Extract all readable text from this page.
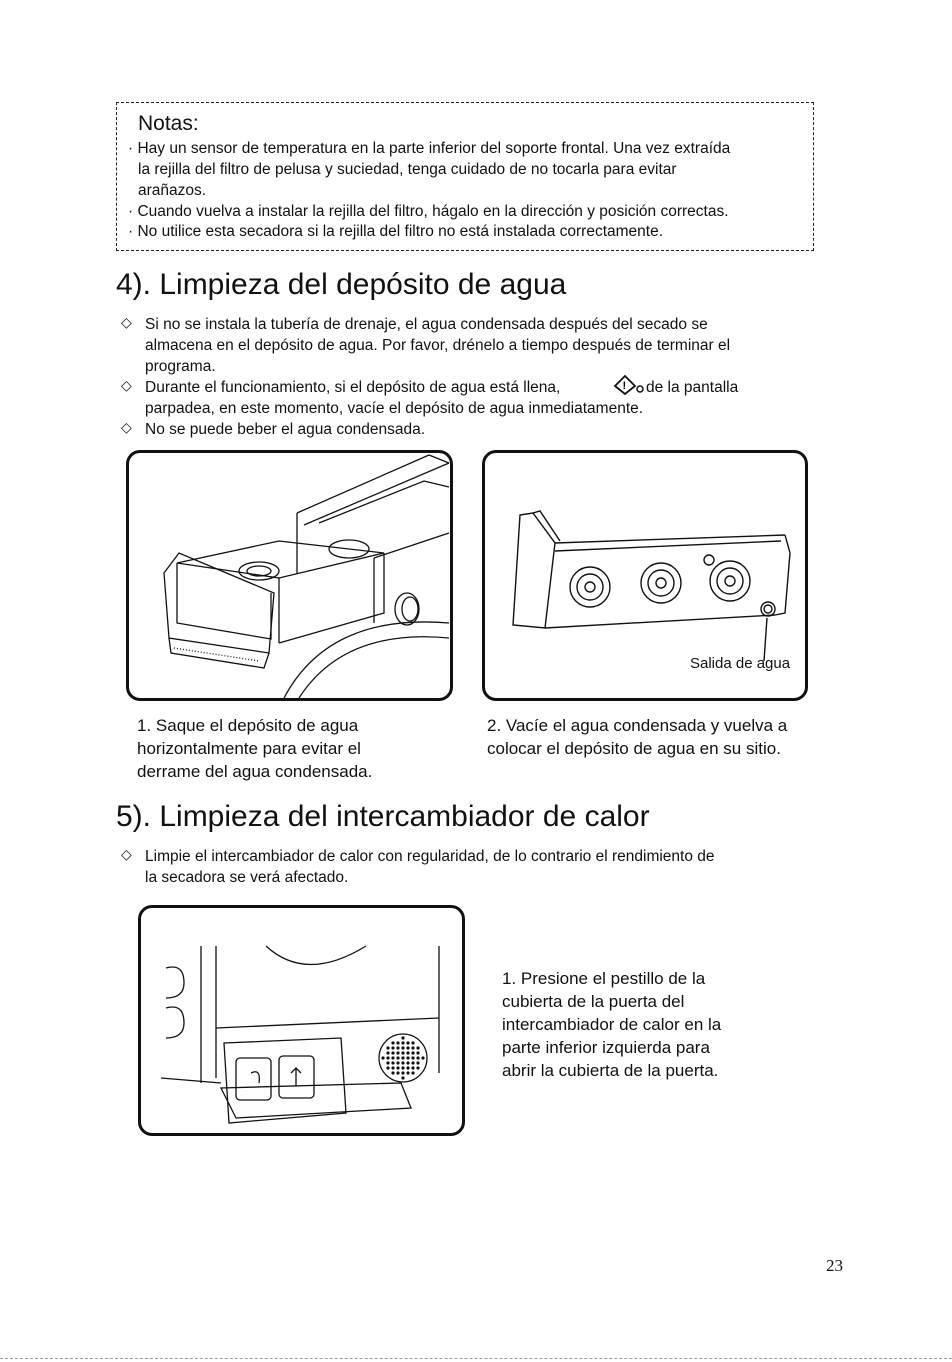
Notas:
· Hay un sensor de temperatura en la parte inferior del soporte frontal. Una vez extraída
la rejilla del filtro de pelusa y suciedad, tenga cuidado de no tocarla para evitar
arañazos.
· Cuando vuelva a instalar la rejilla del filtro, hágalo en la dirección y posición correctas.
· No utilice esta secadora si la rejilla del filtro no está instalada correctamente.
4). Limpieza del depósito de agua
◇ Si no se instala la tubería de drenaje, el agua condensada después del secado se
almacena en el depósito de agua. Por favor, drénelo a tiempo después de terminar el
programa.
◇ Durante el funcionamiento, si el depósito de agua está llena,	! de la pantalla
parpadea, en este momento, vacíe el depósito de agua inmediatamente.
◇ No se puede beber el agua condensada.
Salida de agua
1. Saque el depósito de agua
horizontalmente para evitar el
derrame del agua condensada.
2. Vacíe el agua condensada y vuelva a
colocar el depósito de agua en su sitio.
5). Limpieza del intercambiador de calor
◇ Limpie el intercambiador de calor con regularidad, de lo contrario el rendimiento de
la secadora se verá afectado.
1. Presione el pestillo de la
cubierta de la puerta del
intercambiador de calor en la
parte inferior izquierda para
abrir la cubierta de la puerta.
23
